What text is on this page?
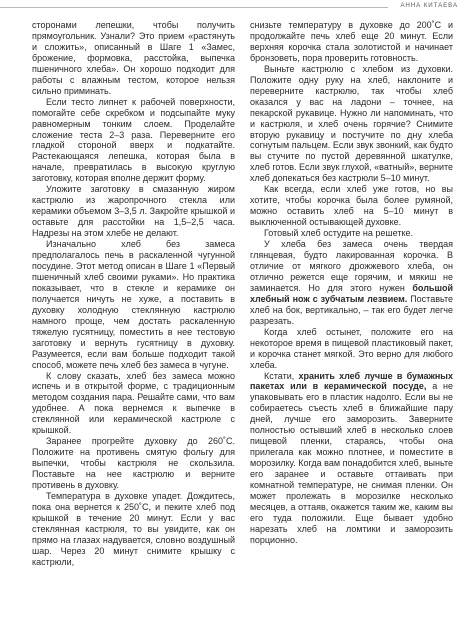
АННА КИТАЕВА

сторонами лепешки, чтобы получить прямоугольник. Узнали? Это прием «растянуть и сложить», описанный в Шаге 1 «Замес, брожение, формовка, расстойка, выпечка пшеничного хлеба». Он хорошо подходит для работы с влажным тестом, которое нельзя сильно приминать.

Если тесто липнет к рабочей поверхности, помогайте себе скребком и подсыпайте муку равномерным тонким слоем. Проделайте сложение теста 2–3 раза. Переверните его гладкой стороной вверх и подкатайте. Растекающаяся лепешка, которая была в начале, превратилась в высокую круглую заготовку, которая вполне держит форму.

Уложите заготовку в смазанную жиром кастрюлю из жаропрочного стекла или керамики объемом 3–3,5 л. Закройте крышкой и оставьте для расстойки на 1,5–2,5 часа. Надрезы на этом хлебе не делают.

Изначально хлеб без замеса предполагалось печь в раскаленной чугунной посудине. Этот метод описан в Шаге 1 «Первый пшеничный хлеб своими руками». Но практика показывает, что в стекле и керамике он получается ничуть не хуже, а поставить в духовку холодную стеклянную кастрюлю намного проще, чем достать раскаленную тяжелую гусятницу, поместить в нее тестовую заготовку и вернуть гусятницу в духовку. Разумеется, если вам больше подходит такой способ, можете печь хлеб без замеса в чугуне.

К слову сказать, хлеб без замеса можно испечь и в открытой форме, с традиционным методом создания пара. Решайте сами, что вам удобнее. А пока вернемся к выпечке в стеклянной или керамической кастрюле с крышкой.

Заранее прогрейте духовку до 260˚С. Положите на противень смятую фольгу для выпечки, чтобы кастрюля не скользила. Поставьте на нее кастрюлю и верните противень в духовку.

Температура в духовке упадет. Дождитесь, пока она вернется к 250˚С, и пеките хлеб под крышкой в течение 20 минут. Если у вас стеклянная кастрюля, то вы увидите, как он прямо на глазах надувается, словно воздушный шар. Через 20 минут снимите крышку с кастрюли,

снизьте температуру в духовке до 200˚С и продолжайте печь хлеб еще 20 минут. Если верхняя корочка стала золотистой и начинает бронзоветь, пора проверить готовность.

Выньте кастрюлю с хлебом из духовки. Положите одну руку на хлеб, наклоните и переверните кастрюлю, так чтобы хлеб оказался у вас на ладони – точнее, на пекарской рукавице. Нужно ли напоминать, что и кастрюля, и хлеб очень горячие? Снимите вторую рукавицу и постучите по дну хлеба согнутым пальцем. Если звук звонкий, как будто вы стучите по пустой деревянной шкатулке, хлеб готов. Если звук глухой, «ватный», верните хлеб допекаться без кастрюли 5–10 минут.

Как всегда, если хлеб уже готов, но вы хотите, чтобы корочка была более румяной, можно оставить хлеб на 5–10 минут в выключенной остывающей духовке.

Готовый хлеб остудите на решетке.

У хлеба без замеса очень твердая глянцевая, будто лакированная корочка. В отличие от мягкого дрожжевого хлеба, он отлично режется еще горячим, и мякиш не заминается. Но для этого нужен большой хлебный нож с зубчатым лезвием. Поставьте хлеб на бок, вертикально, – так его будет легче разрезать.

Когда хлеб остынет, положите его на некоторое время в пищевой пластиковый пакет, и корочка станет мягкой. Это верно для любого хлеба.

Кстати, хранить хлеб лучше в бумажных пакетах или в керамической посуде, а не упаковывать его в пластик надолго. Если вы не собираетесь съесть хлеб в ближайшие пару дней, лучше его заморозить. Заверните полностью остывший хлеб в несколько слоев пищевой пленки, стараясь, чтобы она прилегала как можно плотнее, и поместите в морозилку. Когда вам понадобится хлеб, выньте его заранее и оставьте оттаивать при комнатной температуре, не снимая пленки. Он может пролежать в морозилке несколько месяцев, а оттаяв, окажется таким же, каким вы его туда положили. Еще бывает удобно нарезать хлеб на ломтики и заморозить порционно.
